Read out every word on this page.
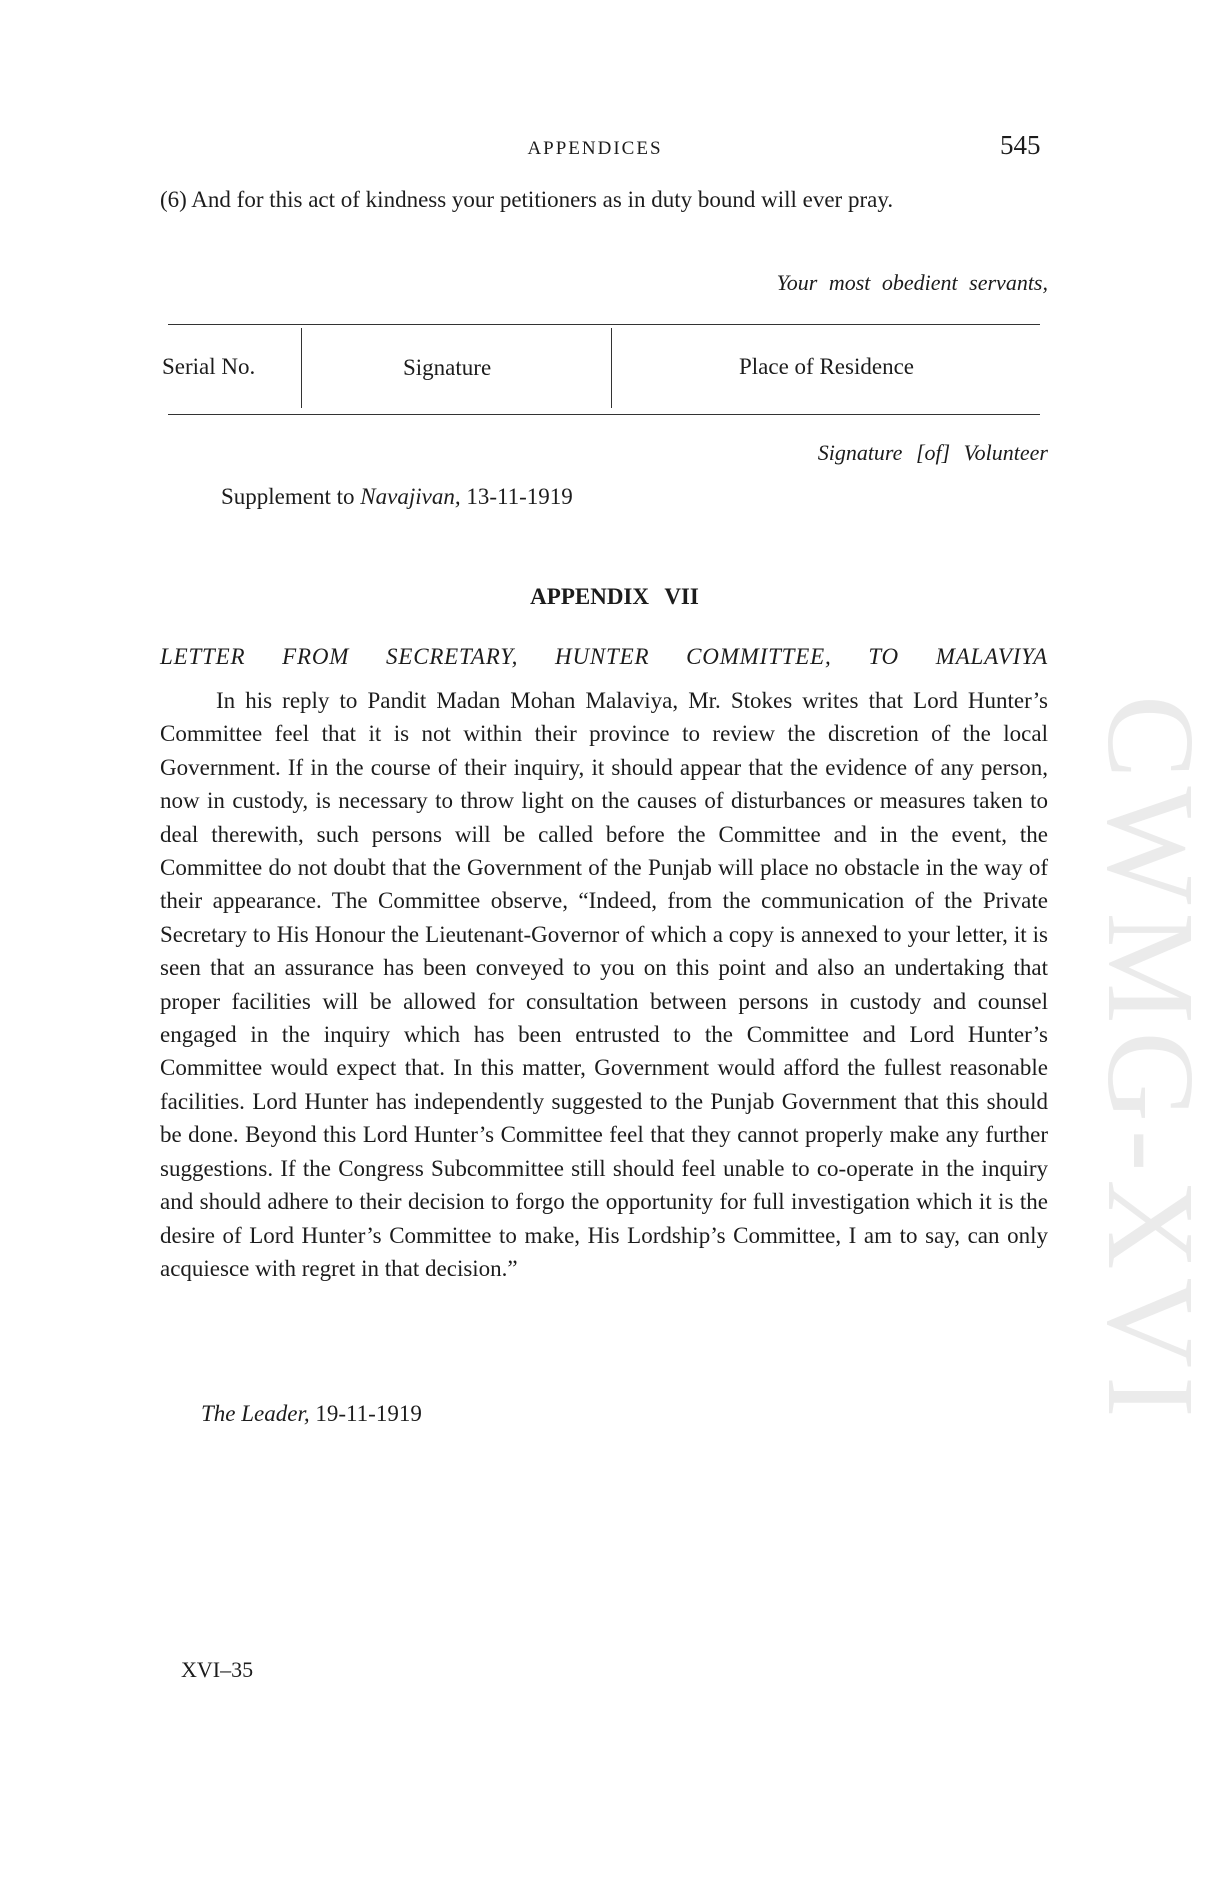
APPENDICES	545
(6) And for this act of kindness your petitioners as in duty bound will ever pray.
Your most obedient servants,
Serial No.	Signature	Place of Residence
Signature [of] Volunteer
Supplement to Navajivan, 13-11-1919
APPENDIX VII
LETTER FROM SECRETARY, HUNTER COMMITTEE, TO MALAVIYA
In his reply to Pandit Madan Mohan Malaviya, Mr. Stokes writes that Lord Hunter’s Committee feel that it is not within their province to review the discretion of the local Government. If in the course of their inquiry, it should appear that the evidence of any person, now in custody, is necessary to throw light on the causes of disturbances or measures taken to deal therewith, such persons will be called before the Committee and in the event, the Committee do not doubt that the Government of the Punjab will place no obstacle in the way of their appearance. The Committee observe, “Indeed, from the communication of the Private Secretary to His Honour the Lieutenant-Governor of which a copy is annexed to your letter, it is seen that an assurance has been conveyed to you on this point and also an undertaking that proper facilities will be allowed for consultation between persons in custody and counsel engaged in the inquiry which has been entrusted to the Committee and Lord Hunter’s Committee would expect that. In this matter, Government would afford the fullest reasonable facilities. Lord Hunter has independently suggested to the Punjab Government that this should be done. Beyond this Lord Hunter’s Committee feel that they cannot properly make any further suggestions. If the Congress Subcommittee still should feel unable to co-operate in the inquiry and should adhere to their decision to forgo the opportunity for full investigation which it is the desire of Lord Hunter’s Committee to make, His Lordship’s Committee, I am to say, can only acquiesce with regret in that decision.”
The Leader, 19-11-1919
XVI–35
CWMG-XVI
